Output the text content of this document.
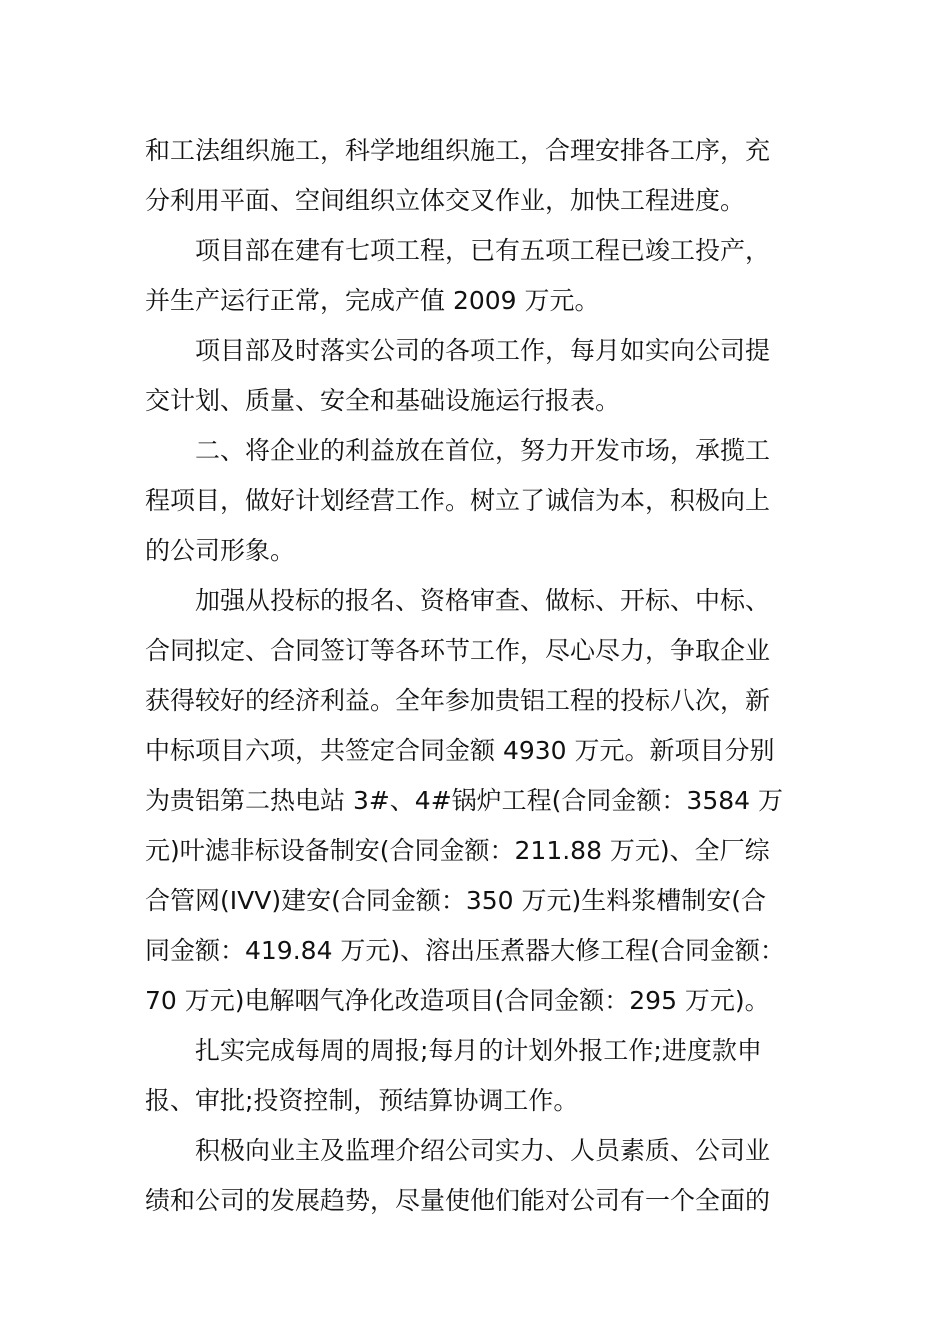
和工法组织施工，科学地组织施工，合理安排各工序，充
分利用平面、空间组织立体交叉作业，加快工程进度。
项目部在建有七项工程，已有五项工程已竣工投产，
并生产运行正常，完成产值 2009 万元。
项目部及时落实公司的各项工作，每月如实向公司提
交计划、质量、安全和基础设施运行报表。
二、将企业的利益放在首位，努力开发市场，承揽工
程项目，做好计划经营工作。树立了诚信为本，积极向上
的公司形象。
加强从投标的报名、资格审查、做标、开标、中标、
合同拟定、合同签订等各环节工作，尽心尽力，争取企业
获得较好的经济利益。全年参加贵铝工程的投标八次，新
中标项目六项，共签定合同金额 4930 万元。新项目分别
为贵铝第二热电站 3#、4#锅炉工程(合同金额：3584 万
元)叶滤非标设备制安(合同金额：211.88 万元)、全厂综
合管网(IVV)建安(合同金额：350 万元)生料浆槽制安(合
同金额：419.84 万元)、溶出压煮器大修工程(合同金额：
70 万元)电解咽气净化改造项目(合同金额：295 万元)。
扎实完成每周的周报;每月的计划外报工作;进度款申
报、审批;投资控制，预结算协调工作。
积极向业主及监理介绍公司实力、人员素质、公司业
绩和公司的发展趋势，尽量使他们能对公司有一个全面的
